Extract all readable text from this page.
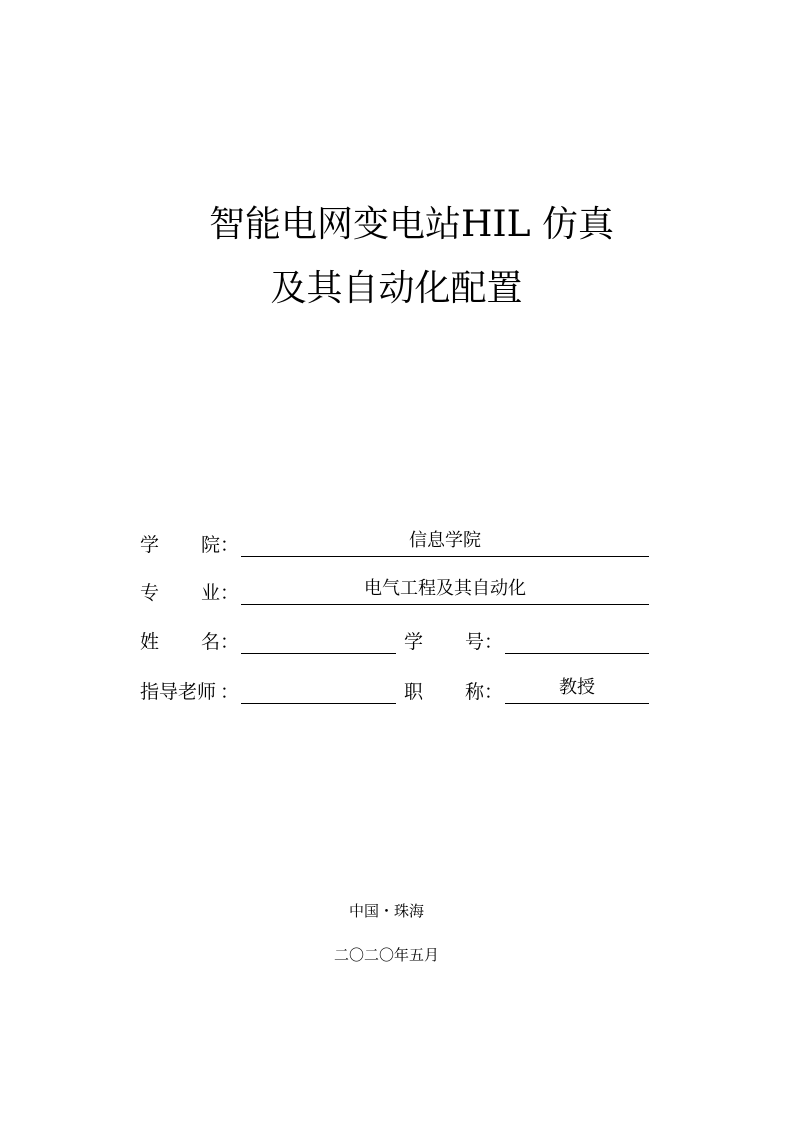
智能电网变电站HIL 仿真
及其自动化配置
学 院 ：	信息学院
专 业 ：	电气工程及其自动化
姓 名 ：	学 号 ：
指导老师 ：	职 称 ：	教授
中国・珠海
二〇二〇年五月
